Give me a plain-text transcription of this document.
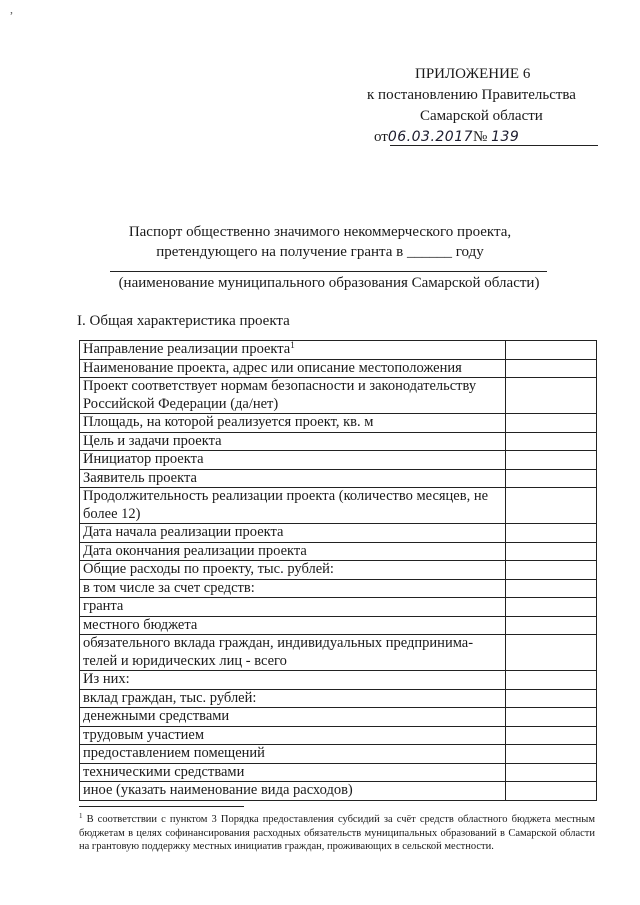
,
ПРИЛОЖЕНИЕ 6
к постановлению Правительства
Самарской области
от06.03.2017№ 139
Паспорт общественно значимого некоммерческого проекта,
претендующего на получение гранта в ______ году
(наименование муниципального образования Самарской области)
I. Общая характеристика проекта
Направление реализации проекта$^1$	
Наименование проекта, адрес или описание местоположения	
Проект соответствует нормам безопасности и законодательству Российской Федерации (да/нет)	
Площадь, на которой реализуется проект, кв. м	
Цель и задачи проекта	
Инициатор проекта	
Заявитель проекта	
Продолжительность реализации проекта (количество месяцев, не более 12)	
Дата начала реализации проекта	
Дата окончания реализации проекта	
Общие расходы по проекту, тыс. рублей:	
в том числе за счет средств:	
гранта	
местного бюджета	
обязательного вклада граждан, индивидуальных предпринима-телей и юридических лиц - всего	
Из них:	
вклад граждан, тыс. рублей:	
денежными средствами	
трудовым участием	
предоставлением помещений	
техническими средствами	
иное (указать наименование вида расходов)	
$^1$ В соответствии с пунктом 3 Порядка предоставления субсидий за счёт средств областного бюджета местным бюджетам в целях софинансирования расходных обязательств муниципальных образований в Самарской области на грантовую поддержку местных инициатив граждан, проживающих в сельской местности.
